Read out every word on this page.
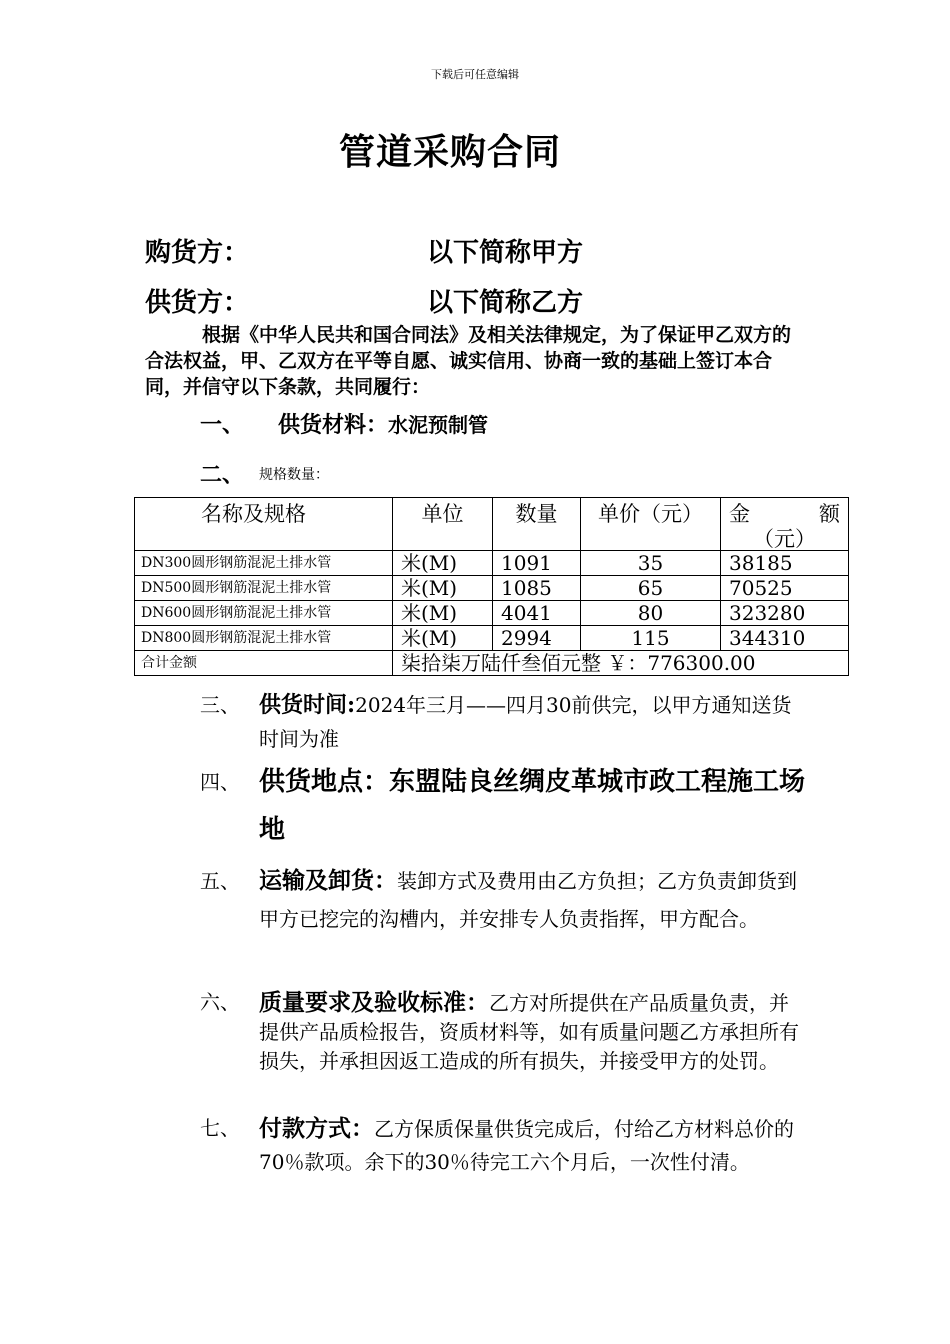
下载后可任意编辑
管道采购合同
购货方：	以下简称甲方
供货方：	以下简称乙方
根据《中华人民共和国合同法》及相关法律规定，为了保证甲乙双方的合法权益，甲、乙双方在平等自愿、诚实信用、协商一致的基础上签订本合同，并信守以下条款，共同履行：
一、 供货材料：水泥预制管
二、 规格数量：
名称及规格	单位	数量	单价（元）	金 额
（元）

DN300圆形钢筋混泥土排水管	米(M)	1091	35	38185
DN500圆形钢筋混泥土排水管	米(M)	1085	65	70525
DN600圆形钢筋混泥土排水管	米(M)	4041	80	323280
DN800圆形钢筋混泥土排水管	米(M)	2994	115	344310
合计金额	柒拾柒万陆仟叁佰元整 ￥：776300.00			
三、 供货时间:2024年三月——四月30前供完，以甲方通知送货时间为准
四、 供货地点：东盟陆良丝绸皮革城市政工程施工场地
五、 运输及卸货：装卸方式及费用由乙方负担；乙方负责卸货到甲方已挖完的沟槽内，并安排专人负责指挥，甲方配合。
六、 质量要求及验收标准：乙方对所提供在产品质量负责，并提供产品质检报告，资质材料等，如有质量问题乙方承担所有损失，并承担因返工造成的所有损失，并接受甲方的处罚。
七、 付款方式：乙方保质保量供货完成后，付给乙方材料总价的70％款项。余下的30％待完工六个月后，一次性付清。
